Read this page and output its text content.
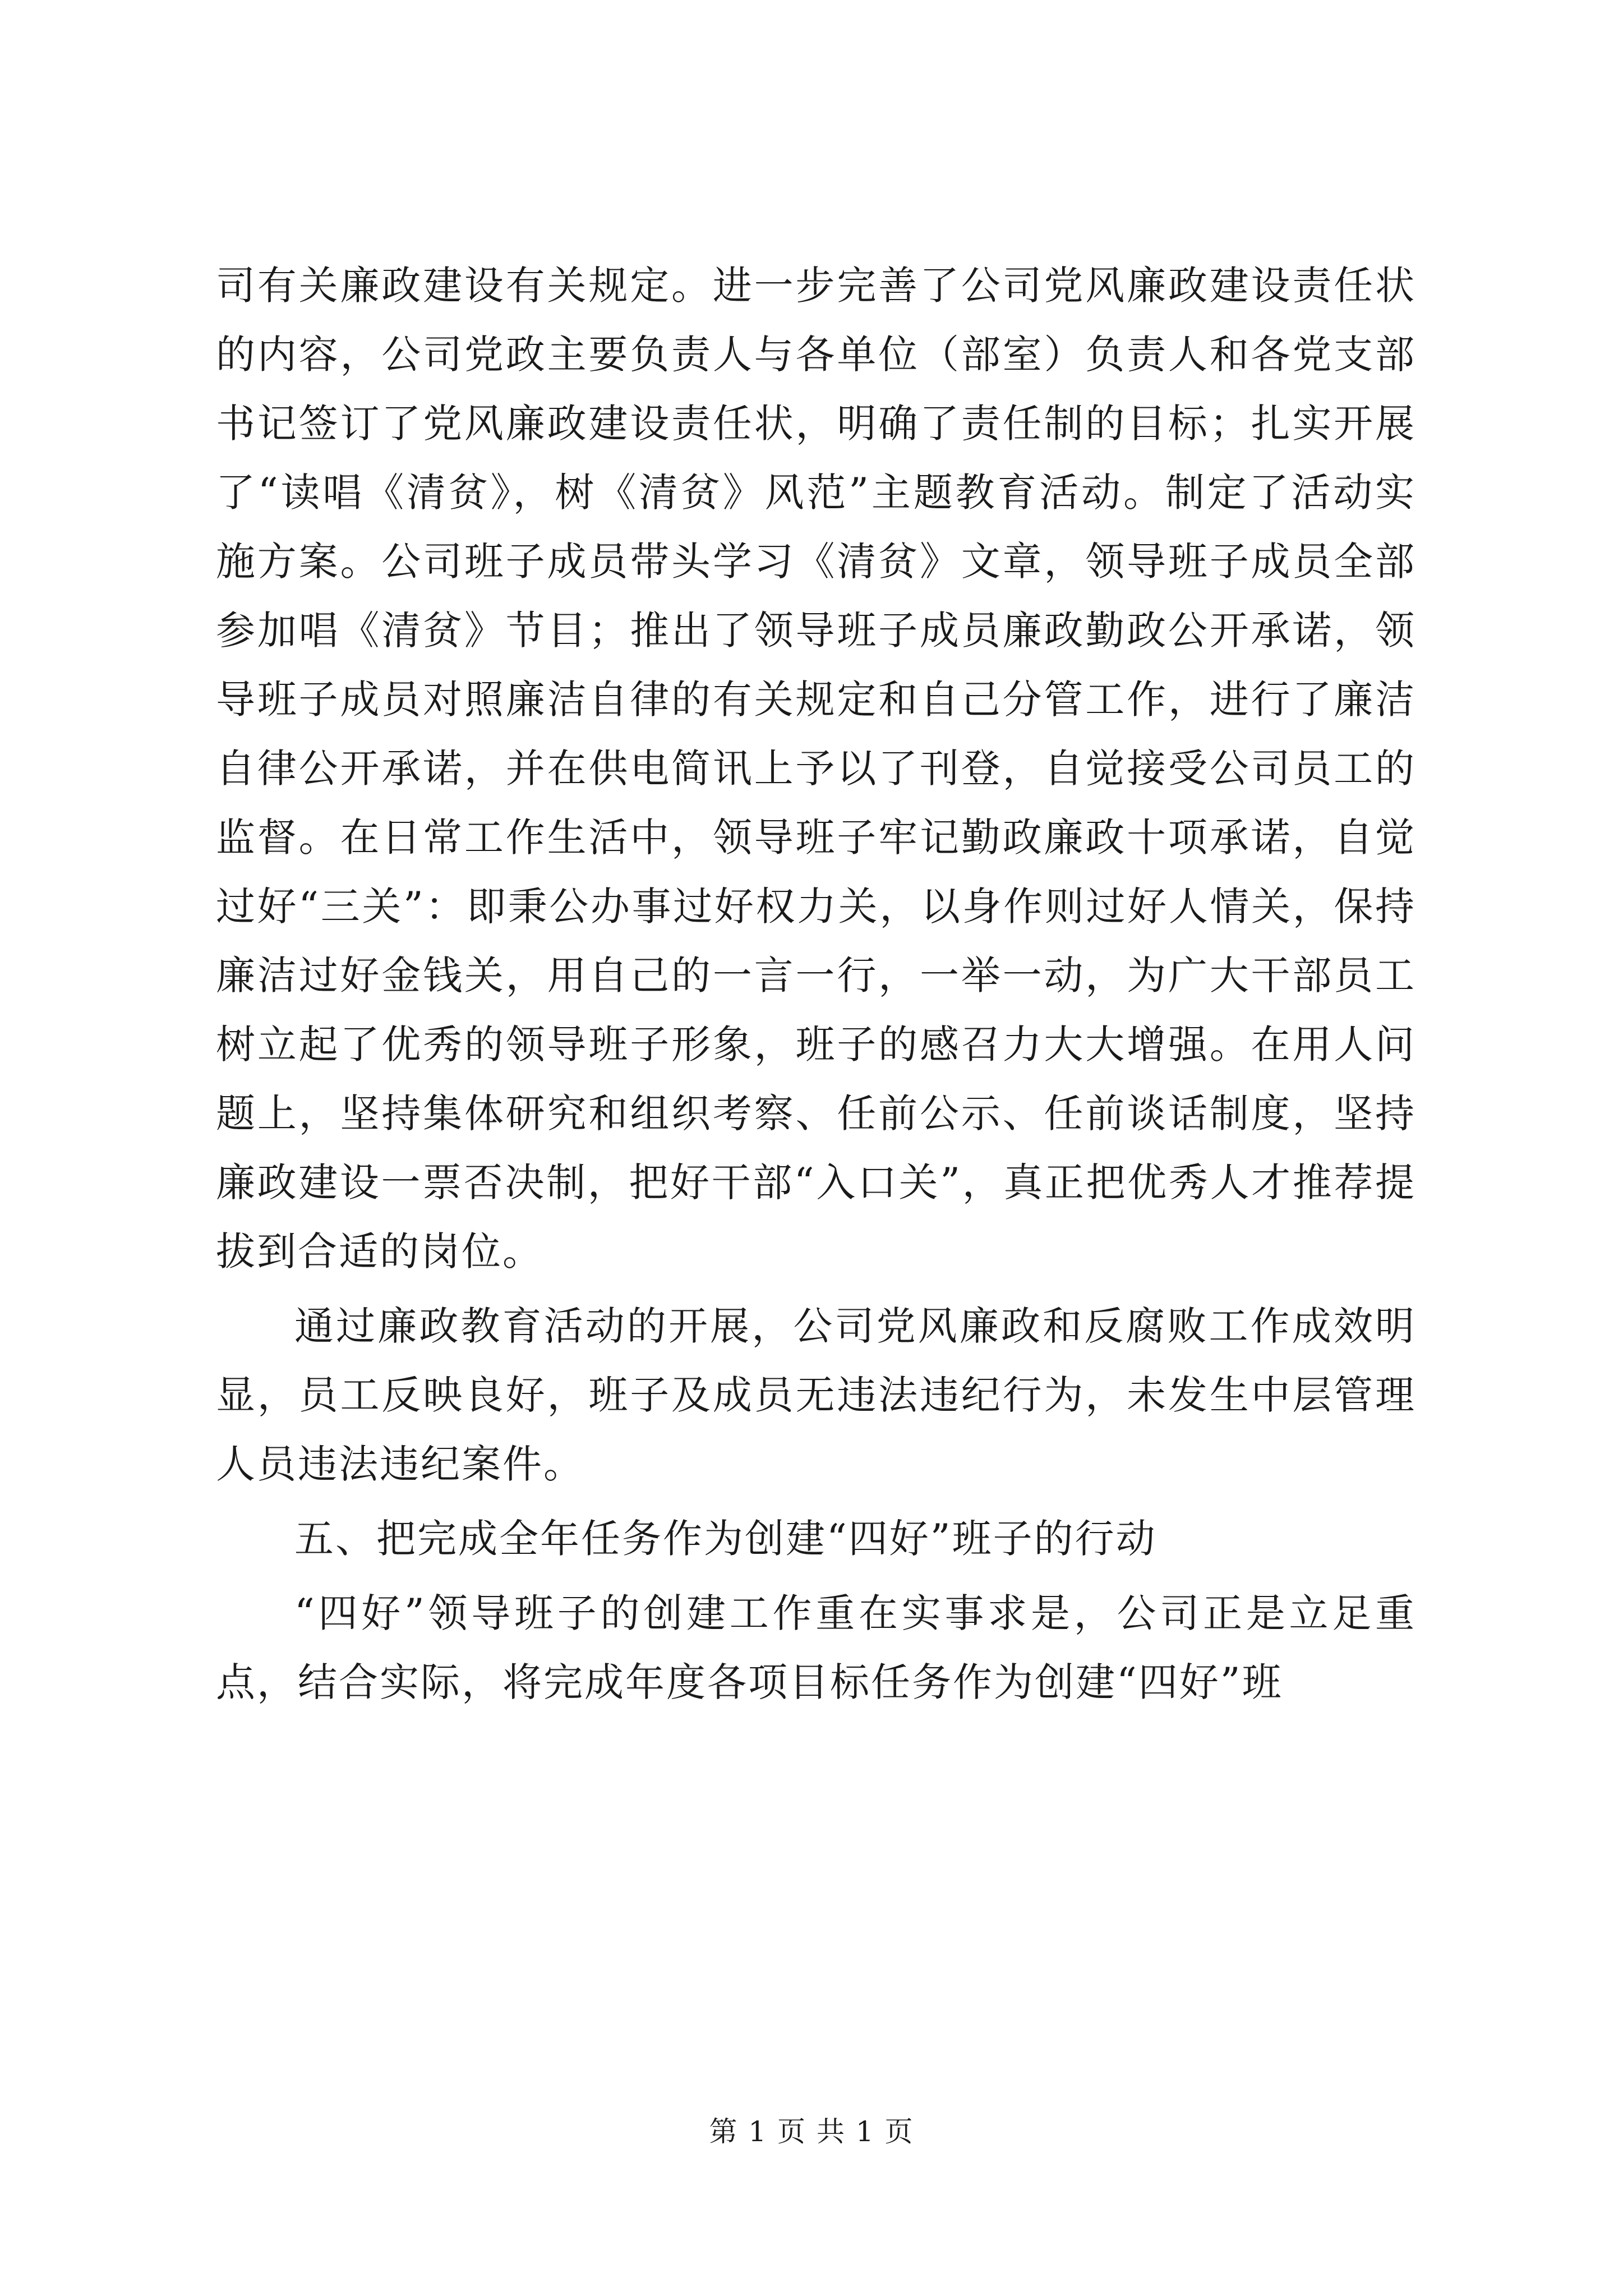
司有关廉政建设有关规定。进一步完善了公司党风廉政建设责任状的内容，公司党政主要负责人与各单位（部室）负责人和各党支部书记签订了党风廉政建设责任状，明确了责任制的目标；扎实开展了“读唱《清贫》，树《清贫》风范”主题教育活动。制定了活动实施方案。公司班子成员带头学习《清贫》文章，领导班子成员全部参加唱《清贫》节目；推出了领导班子成员廉政勤政公开承诺，领导班子成员对照廉洁自律的有关规定和自己分管工作，进行了廉洁自律公开承诺，并在供电简讯上予以了刊登，自觉接受公司员工的监督。在日常工作生活中，领导班子牢记勤政廉政十项承诺，自觉过好“三关”：即秉公办事过好权力关，以身作则过好人情关，保持廉洁过好金钱关，用自己的一言一行，一举一动，为广大干部员工树立起了优秀的领导班子形象，班子的感召力大大增强。在用人问题上，坚持集体研究和组织考察、任前公示、任前谈话制度，坚持廉政建设一票否决制，把好干部“入口关”，真正把优秀人才推荐提拔到合适的岗位。

通过廉政教育活动的开展，公司党风廉政和反腐败工作成效明显，员工反映良好，班子及成员无违法违纪行为，未发生中层管理人员违法违纪案件。

五、把完成全年任务作为创建“四好”班子的行动

“四好”领导班子的创建工作重在实事求是，公司正是立足重点，结合实际，将完成年度各项目标任务作为创建“四好”班

第 1 页 共 1 页
